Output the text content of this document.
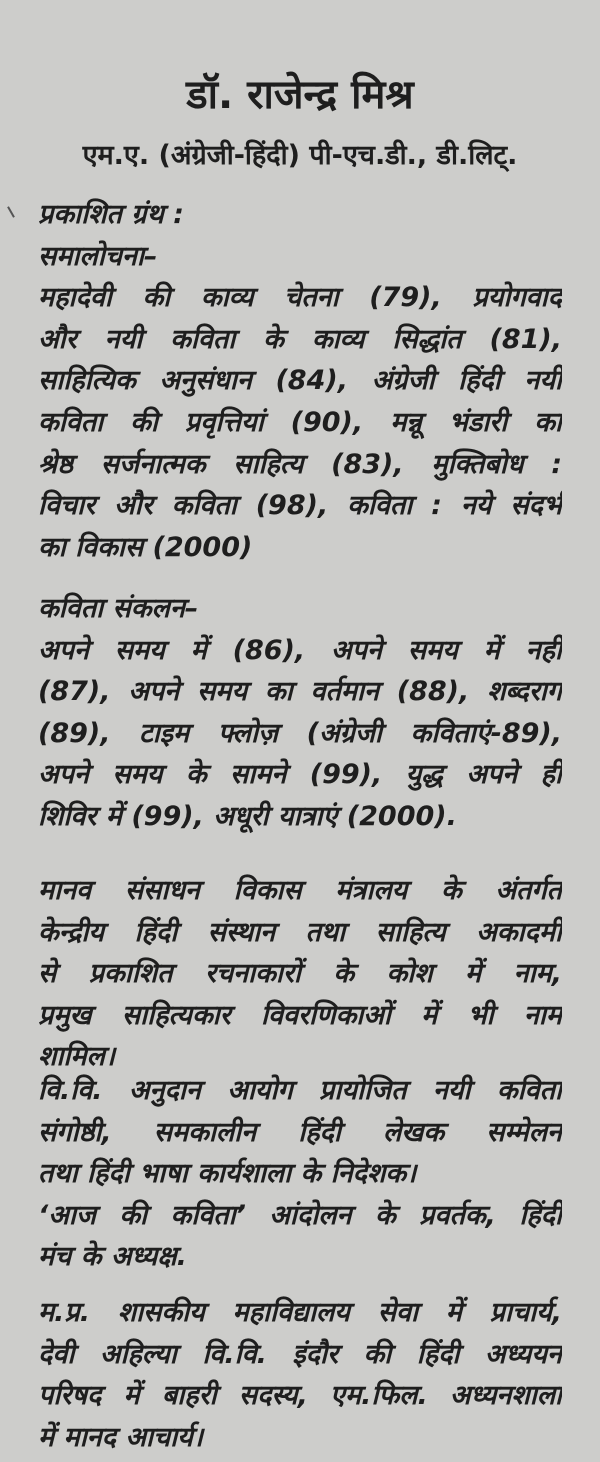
डॉ. राजेन्द्र मिश्र
एम.ए. (अंग्रेजी-हिंदी) पी-एच.डी., डी.लिट्.
प्रकाशित ग्रंथ :
समालोचना–
महादेवी की काव्य चेतना (79), प्रयोगवाद
और नयी कविता के काव्य सिद्धांत (81),
साहित्यिक अनुसंधान (84), अंग्रेजी हिंदी नयी
कविता की प्रवृत्तियां (90), मन्नू भंडारी का
श्रेष्ठ सर्जनात्मक साहित्य (83), मुक्तिबोध :
विचार और कविता (98), कविता : नये संदर्भ
का विकास (2000)
कविता संकलन–
अपने समय में (86), अपने समय में नहीं
(87), अपने समय का वर्तमान (88), शब्दराग
(89), टाइम फ्लोज़ (अंग्रेजी कविताएं-89),
अपने समय के सामने (99), युद्ध अपने ही
शिविर में (99), अधूरी यात्राएं (2000).
मानव संसाधन विकास मंत्रालय के अंतर्गत
केन्द्रीय हिंदी संस्थान तथा साहित्य अकादमी
से प्रकाशित रचनाकारों के कोश में नाम,
प्रमुख साहित्यकार विवरणिकाओं में भी नाम
शामिल।
वि.वि. अनुदान आयोग प्रायोजित नयी कविता
संगोष्ठी, समकालीन हिंदी लेखक सम्मेलन
तथा हिंदी भाषा कार्यशाला के निदेशक।
‘आज की कविता’ आंदोलन के प्रवर्तक, हिंदी
मंच के अध्यक्ष.
म.प्र. शासकीय महाविद्यालय सेवा में प्राचार्य,
देवी अहिल्या वि.वि. इंदौर की हिंदी अध्ययन
परिषद में बाहरी सदस्य, एम.फिल. अध्यनशाला
में मानद आचार्य।
